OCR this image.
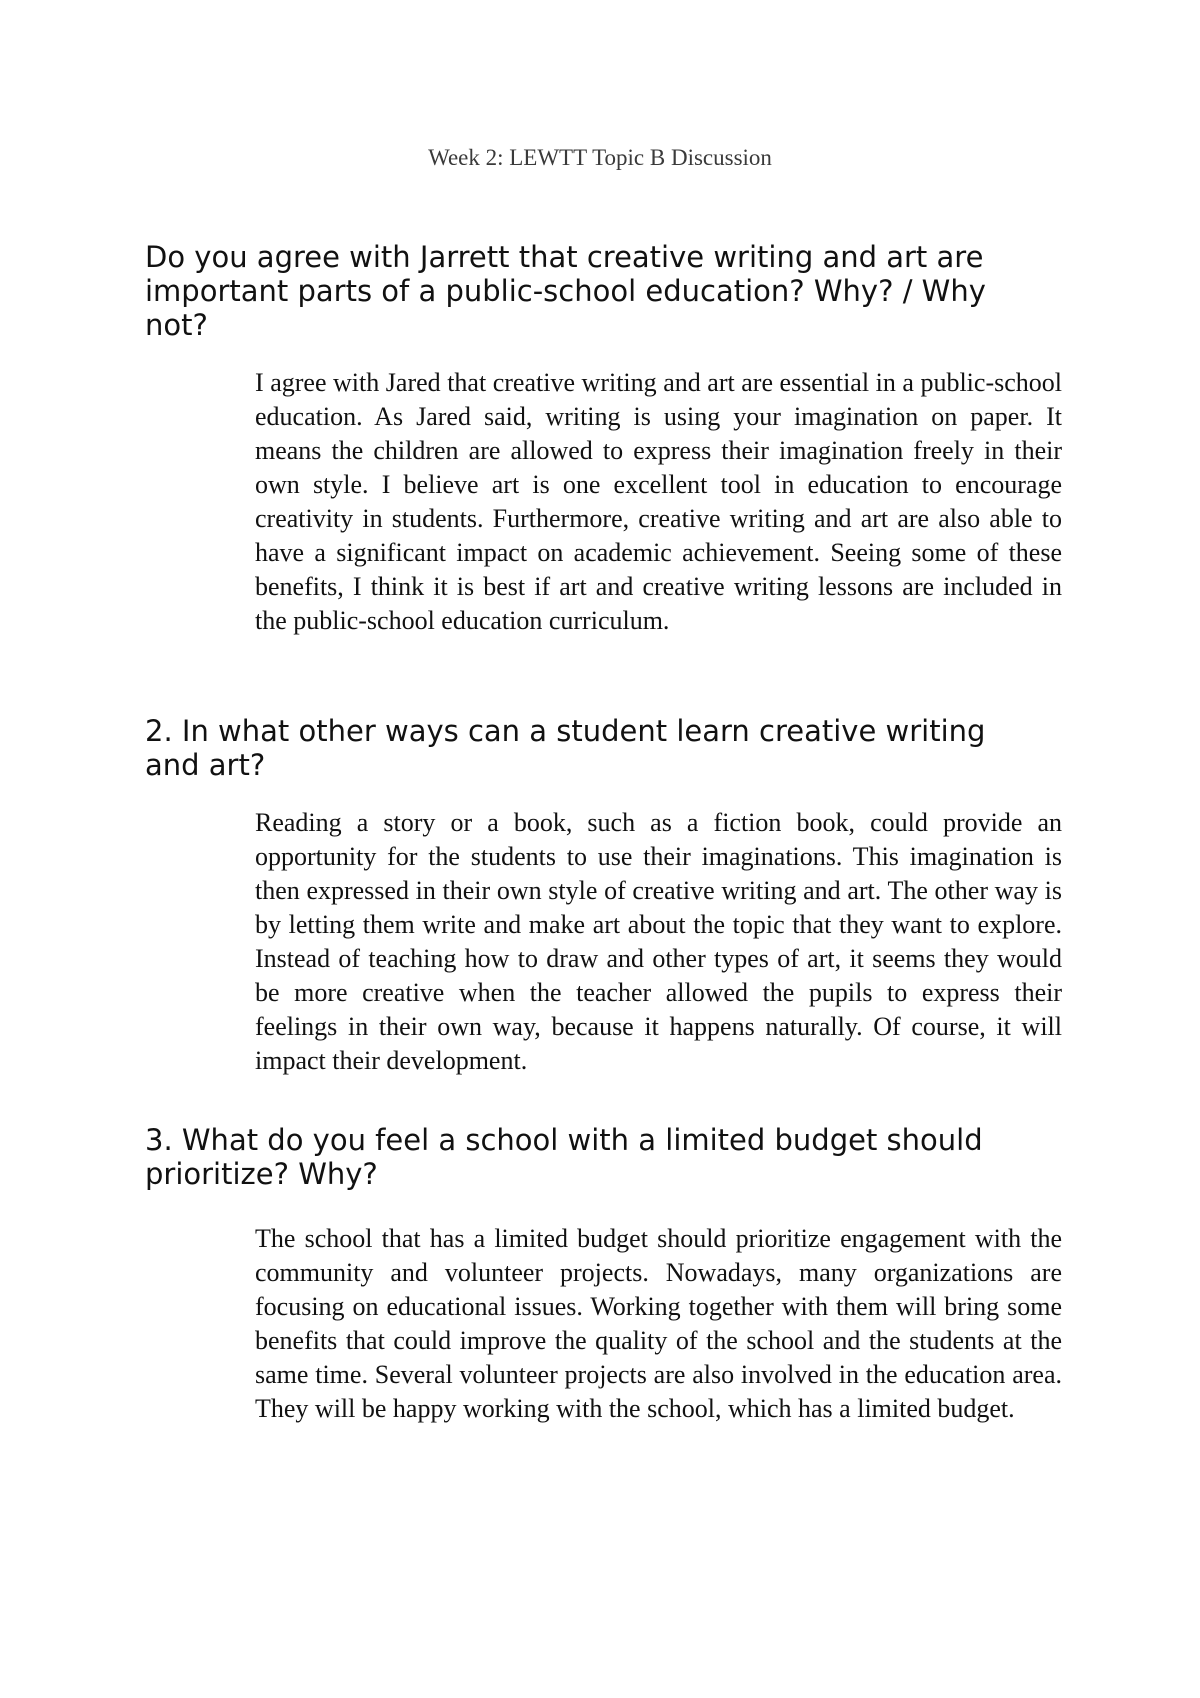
Week 2: LEWTT Topic B Discussion
Do you agree with Jarrett that creative writing and art are important parts of a public-school education? Why? / Why not?

I agree with Jared that creative writing and art are essential in a public-school education. As Jared said, writing is using your imagination on paper. It means the children are allowed to express their imagination freely in their own style. I believe art is one excellent tool in education to encourage creativity in students. Furthermore, creative writing and art are also able to have a significant impact on academic achievement. Seeing some of these benefits, I think it is best if art and creative writing lessons are included in the public-school education curriculum.

2. In what other ways can a student learn creative writing and art?

Reading a story or a book, such as a fiction book, could provide an opportunity for the students to use their imaginations. This imagination is then expressed in their own style of creative writing and art. The other way is by letting them write and make art about the topic that they want to explore. Instead of teaching how to draw and other types of art, it seems they would be more creative when the teacher allowed the pupils to express their feelings in their own way, because it happens naturally. Of course, it will impact their development.

3. What do you feel a school with a limited budget should prioritize? Why?

The school that has a limited budget should prioritize engagement with the community and volunteer projects. Nowadays, many organizations are focusing on educational issues. Working together with them will bring some benefits that could improve the quality of the school and the students at the same time. Several volunteer projects are also involved in the education area. They will be happy working with the school, which has a limited budget.
